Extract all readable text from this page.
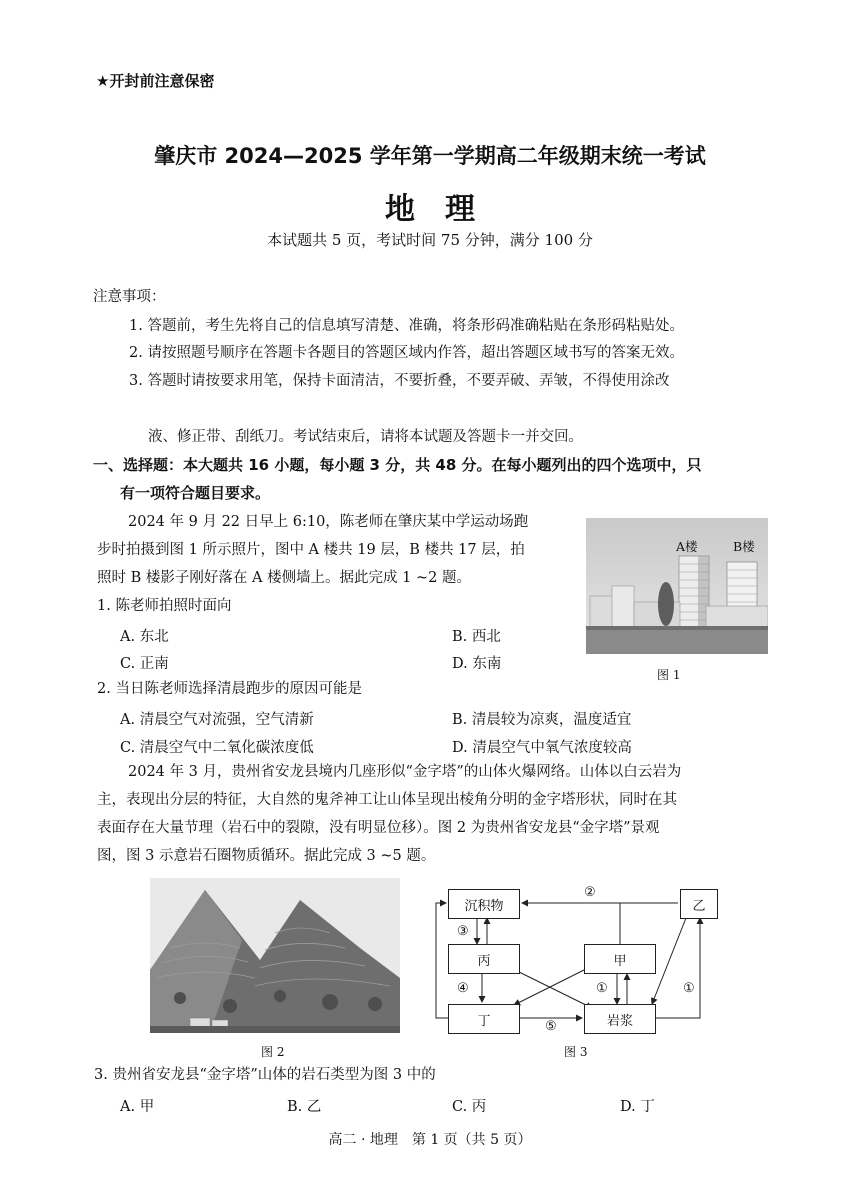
★开封前注意保密
肇庆市 2024—2025 学年第一学期高二年级期末统一考试
地　理
本试题共 5 页，考试时间 75 分钟，满分 100 分
注意事项：
1. 答题前，考生先将自己的信息填写清楚、准确，将条形码准确粘贴在条形码粘贴处。
2. 请按照题号顺序在答题卡各题目的答题区域内作答，超出答题区域书写的答案无效。
3. 答题时请按要求用笔，保持卡面清洁，不要折叠，不要弄破、弄皱，不得使用涂改
液、修正带、刮纸刀。考试结束后，请将本试题及答题卡一并交回。
一、选择题：本大题共 16 小题，每小题 3 分，共 48 分。在每小题列出的四个选项中，只
有一项符合题目要求。
2024 年 9 月 22 日早上 6:10，陈老师在肇庆某中学运动场跑
步时拍摄到图 1 所示照片，图中 A 楼共 19 层，B 楼共 17 层，拍
照时 B 楼影子刚好落在 A 楼侧墙上。据此完成 1 ~2 题。
A楼	B楼
图 1
1. 陈老师拍照时面向
A. 东北	B. 西北
C. 正南	D. 东南
2. 当日陈老师选择清晨跑步的原因可能是
A. 清晨空气对流强，空气清新	B. 清晨较为凉爽，温度适宜
C. 清晨空气中二氧化碳浓度低	D. 清晨空气中氧气浓度较高
2024 年 3 月，贵州省安龙县境内几座形似“金字塔”的山体火爆网络。山体以白云岩为
主，表现出分层的特征，大自然的鬼斧神工让山体呈现出棱角分明的金字塔形状，同时在其
表面存在大量节理（岩石中的裂隙，没有明显位移）。图 2 为贵州省安龙县“金字塔”景观
图，图 3 示意岩石圈物质循环。据此完成 3 ~5 题。
图 2
沉积物	乙
丙	甲
丁	岩浆
②
③
④	①	①
⑤
图 3
3. 贵州省安龙县“金字塔”山体的岩石类型为图 3 中的
A. 甲	B. 乙	C. 丙	D. 丁
高二 · 地理　第 1 页（共 5 页）
